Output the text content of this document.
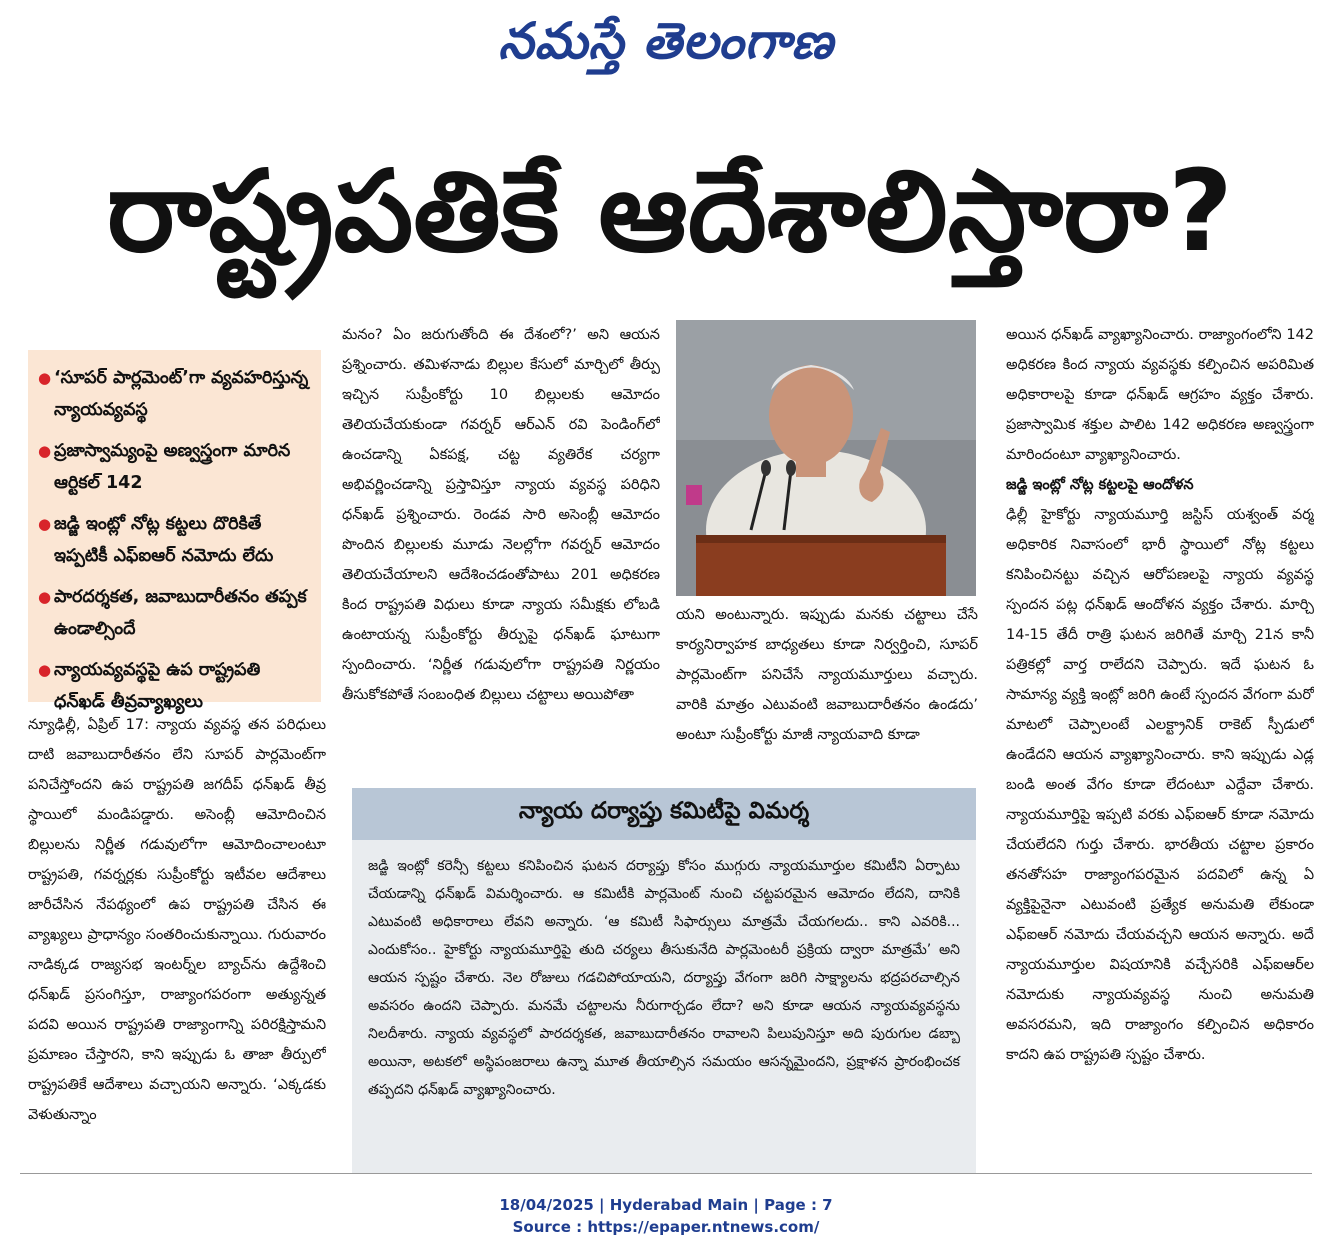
నమస్తే తెలంగాణ
రాష్ట్రపతికే ఆదేశాలిస్తారా?
● ‘సూపర్ పార్లమెంట్’గా వ్యవహరిస్తున్న న్యాయవ్యవస్థ
● ప్రజాస్వామ్యంపై అణ్వస్త్రంగా మారిన ఆర్టికల్ 142
● జడ్జి ఇంట్లో నోట్ల కట్టలు దొరికితే ఇప్పటికీ ఎఫ్ఐఆర్ నమోదు లేదు
● పారదర్శకత, జవాబుదారీతనం తప్పక ఉండాల్సిందే
● న్యాయవ్యవస్థపై ఉప రాష్ట్రపతి ధన్‌ఖడ్ తీవ్రవ్యాఖ్యలు
న్యూఢిల్లీ, ఏప్రిల్ 17: న్యాయ వ్యవస్థ తన పరిధులు దాటి జవాబుదారీతనం లేని సూపర్ పార్లమెంట్‌గా పనిచేస్తోందని ఉప రాష్ట్రపతి జగదీప్ ధన్‌ఖడ్ తీవ్ర స్థాయిలో మండిపడ్డారు. అసెంబ్లీ ఆమోదించిన బిల్లులను నిర్ణీత గడువులోగా ఆమోదించాలంటూ రాష్ట్రపతి, గవర్నర్లకు సుప్రీంకోర్టు ఇటీవల ఆదేశాలు జారీచేసిన నేపథ్యంలో ఉప రాష్ట్రపతి చేసిన ఈ వ్యాఖ్యలు ప్రాధాన్యం సంతరించుకున్నాయి. గురువారం నాడిక్కడ రాజ్యసభ ఇంటర్న్‌ల బ్యాచ్‌ను ఉద్దేశించి ధన్‌ఖడ్ ప్రసంగిస్తూ, రాజ్యాంగపరంగా అత్యున్నత పదవి అయిన రాష్ట్రపతి రాజ్యాంగాన్ని పరిరక్షిస్తామని ప్రమాణం చేస్తారని, కాని ఇప్పుడు ఓ తాజా తీర్పులో రాష్ట్రపతికే ఆదేశాలు వచ్చాయని అన్నారు. ‘ఎక్కడకు వెళుతున్నాం
మనం? ఏం జరుగుతోంది ఈ దేశంలో?’ అని ఆయన ప్రశ్నించారు. తమిళనాడు బిల్లుల కేసులో మార్చిలో తీర్పు ఇచ్చిన సుప్రీంకోర్టు 10 బిల్లులకు ఆమోదం తెలియచేయకుండా గవర్నర్ ఆర్ఎన్ రవి పెండింగ్‌లో ఉంచడాన్ని ఏకపక్ష, చట్ట వ్యతిరేక చర్యగా అభివర్ణించడాన్ని ప్రస్తావిస్తూ న్యాయ వ్యవస్థ పరిధిని ధన్‌ఖడ్ ప్రశ్నించారు. రెండవ సారి అసెంబ్లీ ఆమోదం పొందిన బిల్లులకు మూడు నెలల్లోగా గవర్నర్ ఆమోదం తెలియచేయాలని ఆదేశించడంతోపాటు 201 అధికరణ కింద రాష్ట్రపతి విధులు కూడా న్యాయ సమీక్షకు లోబడి ఉంటాయన్న సుప్రీంకోర్టు తీర్పుపై ధన్‌ఖడ్ ఘాటుగా స్పందించారు. ‘నిర్ణీత గడువులోగా రాష్ట్రపతి నిర్ణయం తీసుకోకపోతే సంబంధిత బిల్లులు చట్టాలు అయిపోతా
యని అంటున్నారు. ఇప్పుడు మనకు చట్టాలు చేసే కార్యనిర్వాహక బాధ్యతలు కూడా నిర్వర్తించి, సూపర్ పార్లమెంట్‌గా పనిచేసే న్యాయమూర్తులు వచ్చారు. వారికి మాత్రం ఎటువంటి జవాబుదారీతనం ఉండదు’ అంటూ సుప్రీంకోర్టు మాజీ న్యాయవాది కూడా
అయిన ధన్‌ఖడ్ వ్యాఖ్యానించారు. రాజ్యాంగంలోని 142 అధికరణ కింద న్యాయ వ్యవస్థకు కల్పించిన అపరిమిత అధికారాలపై కూడా ధన్‌ఖడ్ ఆగ్రహం వ్యక్తం చేశారు. ప్రజాస్వామిక శక్తుల పాలిట 142 అధికరణ అణ్వస్త్రంగా మారిందంటూ వ్యాఖ్యానించారు.
జడ్జి ఇంట్లో నోట్ల కట్టలపై ఆందోళన
ఢిల్లీ హైకోర్టు న్యాయమూర్తి జస్టిస్ యశ్వంత్ వర్మ అధికారిక నివాసంలో భారీ స్థాయిలో నోట్ల కట్టలు కనిపించినట్టు వచ్చిన ఆరోపణలపై న్యాయ వ్యవస్థ స్పందన పట్ల ధన్‌ఖడ్ ఆందోళన వ్యక్తం చేశారు. మార్చి 14-15 తేదీ రాత్రి ఘటన జరిగితే మార్చి 21న కానీ పత్రికల్లో వార్త రాలేదని చెప్పారు. ఇదే ఘటన ఓ సామాన్య వ్యక్తి ఇంట్లో జరిగి ఉంటే స్పందన వేగంగా మరో మాటలో చెప్పాలంటే ఎలక్ట్రానిక్ రాకెట్ స్పీడులో ఉండేదని ఆయన వ్యాఖ్యానించారు. కాని ఇప్పుడు ఎడ్ల బండి అంత వేగం కూడా లేదంటూ ఎద్దేవా చేశారు. న్యాయమూర్తిపై ఇప్పటి వరకు ఎఫ్ఐఆర్ కూడా నమోదు చేయలేదని గుర్తు చేశారు. భారతీయ చట్టాల ప్రకారం తనతోసహ రాజ్యాంగపరమైన పదవిలో ఉన్న ఏ వ్యక్తిపైనైనా ఎటువంటి ప్రత్యేక అనుమతి లేకుండా ఎఫ్ఐఆర్ నమోదు చేయవచ్చని ఆయన అన్నారు. అదే న్యాయమూర్తుల విషయానికి వచ్చేసరికి ఎఫ్ఐఆర్‌ల నమోదుకు న్యాయవ్యవస్థ నుంచి అనుమతి అవసరమని, ఇది రాజ్యాంగం కల్పించిన అధికారం కాదని ఉప రాష్ట్రపతి స్పష్టం చేశారు.
న్యాయ దర్యాప్తు కమిటీపై విమర్శ
జడ్జి ఇంట్లో కరెన్సీ కట్టలు కనిపించిన ఘటన దర్యాప్తు కోసం ముగ్గురు న్యాయమూర్తుల కమిటీని ఏర్పాటు చేయడాన్ని ధన్‌ఖడ్ విమర్శించారు. ఆ కమిటీకి పార్లమెంట్ నుంచి చట్టపరమైన ఆమోదం లేదని, దానికి ఎటువంటి అధికారాలు లేవని అన్నారు. ‘ఆ కమిటీ సిఫార్సులు మాత్రమే చేయగలదు.. కాని ఎవరికి... ఎందుకోసం.. హైకోర్టు న్యాయమూర్తిపై తుది చర్యలు తీసుకునేది పార్లమెంటరీ ప్రక్రియ ద్వారా మాత్రమే’ అని ఆయన స్పష్టం చేశారు. నెల రోజులు గడచిపోయాయని, దర్యాప్తు వేగంగా జరిగి సాక్ష్యాలను భద్రపరచాల్సిన అవసరం ఉందని చెప్పారు. మనమే చట్టాలను నీరుగార్చడం లేదా? అని కూడా ఆయన న్యాయవ్యవస్థను నిలదీశారు. న్యాయ వ్యవస్థలో పారదర్శకత, జవాబుదారీతనం రావాలని పిలుపునిస్తూ అది పురుగుల డబ్బా అయినా, అటకలో అస్థిపంజరాలు ఉన్నా మూత తీయాల్సిన సమయం ఆసన్నమైందని, ప్రక్షాళన ప్రారంభించక తప్పదని ధన్‌ఖడ్ వ్యాఖ్యానించారు.
18/04/2025 | Hyderabad Main | Page : 7
Source : https://epaper.ntnews.com/
